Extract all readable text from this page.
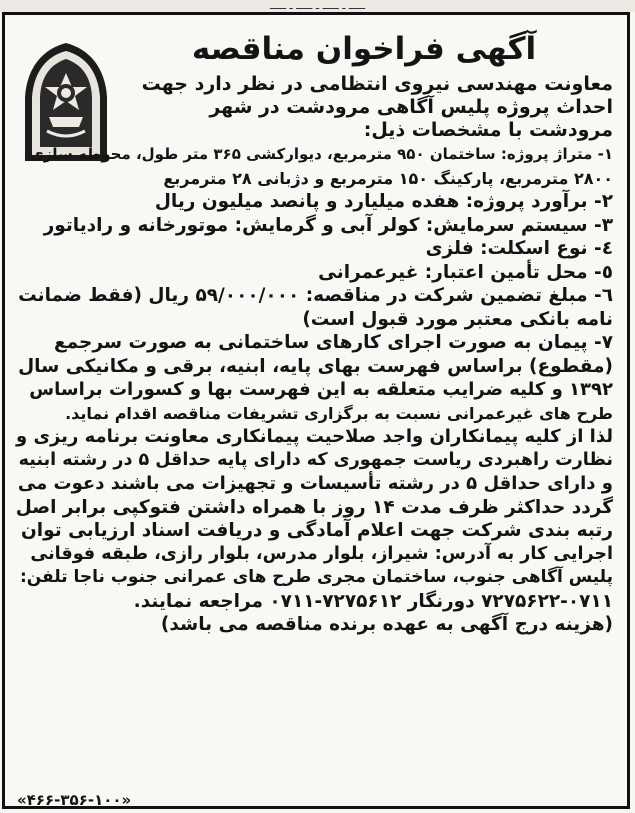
ـــــ ـ ـــــ ـ ـــــ ـ ـــــ
آگهی فراخوان مناقصه

معاونت مهندسی نیروی انتظامی در نظر دارد جهت

احداث پروژه پلیس آگاهی مرودشت در شهر

مرودشت با مشخصات ذیل:

۱- متراژ پروژه: ساختمان ۹۵۰ مترمربع، دیوارکشی ۳۶۵ متر طول، محوطه سازی

۲۸۰۰ مترمربع، پارکینگ ۱۵۰ مترمربع و دژبانی ۲۸ مترمربع

۲- برآورد پروژه: هفده میلیارد و پانصد میلیون ریال

۳- سیستم سرمایش: کولر آبی و گرمایش: موتورخانه و رادیاتور

٤- نوع اسکلت: فلزی

٥- محل تأمین اعتبار: غیرعمرانی

٦- مبلغ تضمین شرکت در مناقصه: ۵۹/۰۰۰/۰۰۰ ریال (فقط ضمانت

نامه بانکی معتبر مورد قبول است)

۷- پیمان به صورت اجرای کارهای ساختمانی به صورت سرجمع

(مقطوع) براساس فهرست بهای پایه، ابنیه، برقی و مکانیکی سال

۱۳۹۲ و کلیه ضرایب متعلقه به این فهرست بها و کسورات براساس

طرح های غیرعمرانی نسبت به برگزاری تشریفات مناقصه اقدام نماید.

لذا از کلیه پیمانکاران واجد صلاحیت پیمانکاری معاونت برنامه ریزی و

نظارت راهبردی ریاست جمهوری که دارای پایه حداقل ۵ در رشته ابنیه

و دارای حداقل ۵ در رشته تأسیسات و تجهیزات می باشند دعوت می

گردد حداکثر ظرف مدت ۱۴ روز با همراه داشتن فتوکپی برابر اصل

رتبه بندی شرکت جهت اعلام آمادگی و دریافت اسناد ارزیابی توان

اجرایی کار به آدرس: شیراز، بلوار مدرس، بلوار رازی، طبقه فوقانی

پلیس آگاهی جنوب، ساختمان مجری طرح های عمرانی جنوب ناجا تلفن:

۷۲۷۵۶۲۲-۰۷۱۱ دورنگار ۷۲۷۵۶۱۲-۰۷۱۱ مراجعه نمایند.

(هزینه درج آگهی به عهده برنده مناقصه می باشد)

«۴۶۶-۳۵۶-۱۰۰»
